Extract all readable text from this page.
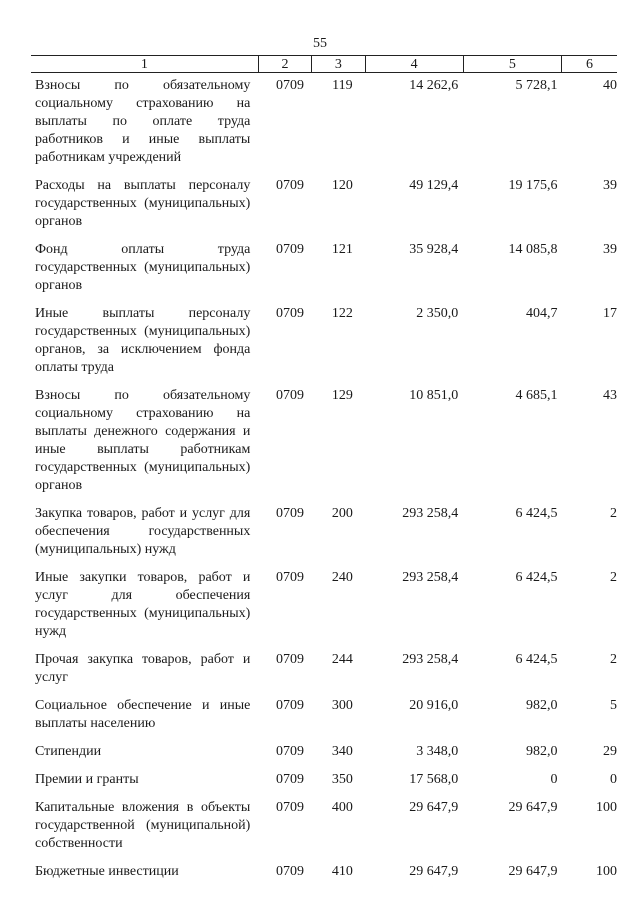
55
1	2	3	4	5	6
Взносы по обязательному социальному страхованию на выплаты по оплате труда работников и иные выплаты работникам учреждений	0709	119	14 262,6	5 728,1	40
Расходы на выплаты персоналу государственных (муниципальных) органов	0709	120	49 129,4	19 175,6	39
Фонд оплаты труда государственных (муниципальных) органов	0709	121	35 928,4	14 085,8	39
Иные выплаты персоналу государственных (муниципальных) органов, за исключением фонда оплаты труда	0709	122	2 350,0	404,7	17
Взносы по обязательному социальному страхованию на выплаты денежного содержания и иные выплаты работникам государственных (муниципальных) органов	0709	129	10 851,0	4 685,1	43
Закупка товаров, работ и услуг для обеспечения государственных (муниципальных) нужд	0709	200	293 258,4	6 424,5	2
Иные закупки товаров, работ и услуг для обеспечения государственных (муниципальных) нужд	0709	240	293 258,4	6 424,5	2
Прочая закупка товаров, работ и услуг	0709	244	293 258,4	6 424,5	2
Социальное обеспечение и иные выплаты населению	0709	300	20 916,0	982,0	5
Стипендии	0709	340	3 348,0	982,0	29
Премии и гранты	0709	350	17 568,0	0	0
Капитальные вложения в объекты государственной (муниципальной) собственности	0709	400	29 647,9	29 647,9	100
Бюджетные инвестиции	0709	410	29 647,9	29 647,9	100
